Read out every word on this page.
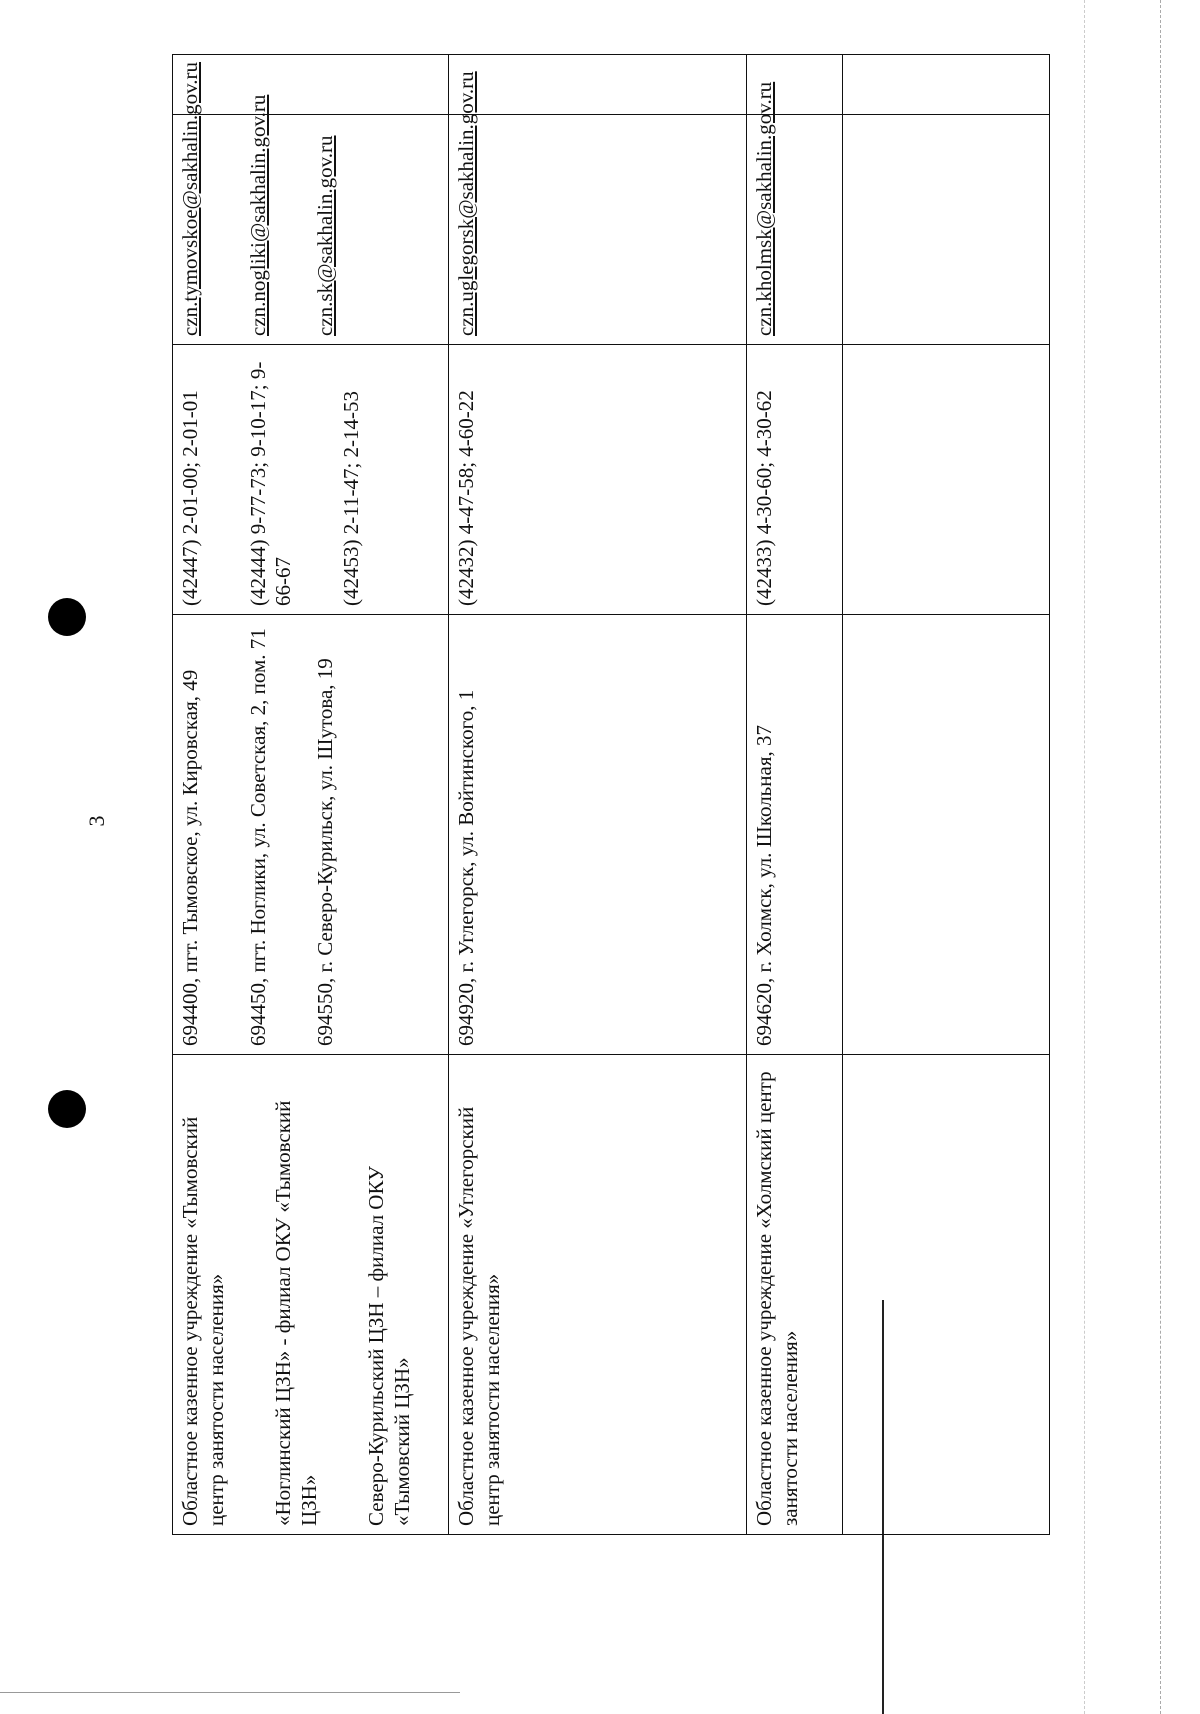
3
Областное казенное учреждение «Тымовский центр занятости населения» «Ноглинский ЦЗН» - филиал ОКУ «Тымовский ЦЗН» Северо-Курильский ЦЗН – филиал ОКУ «Тымовский ЦЗН»	694400, пгт. Тымовское, ул. Кировская, 49 694450, пгт. Ноглики, ул. Советская, 2, пом. 71 694550, г. Северо-Курильск, ул. Шутова, 19	(42447) 2-01-00; 2-01-01 (42444) 9-77-73; 9-10-17; 9-66-67 (42453) 2-11-47; 2-14-53	czn.tymovskoe@sakhalin.gov.ru czn.nogliki@sakhalin.gov.ru czn.sk@sakhalin.gov.ru	

Областное казенное учреждение «Углегорский центр занятости населения»	694920, г. Углегорск, ул. Войтинского, 1	(42432) 4-47-58; 4-60-22	czn.uglegorsk@sakhalin.gov.ru	

Областное казенное учреждение «Холмский центр занятости населения»	694620, г. Холмск, ул. Школьная, 37	(42433) 4-30-60; 4-30-62	czn.kholmsk@sakhalin.gov.ru	
